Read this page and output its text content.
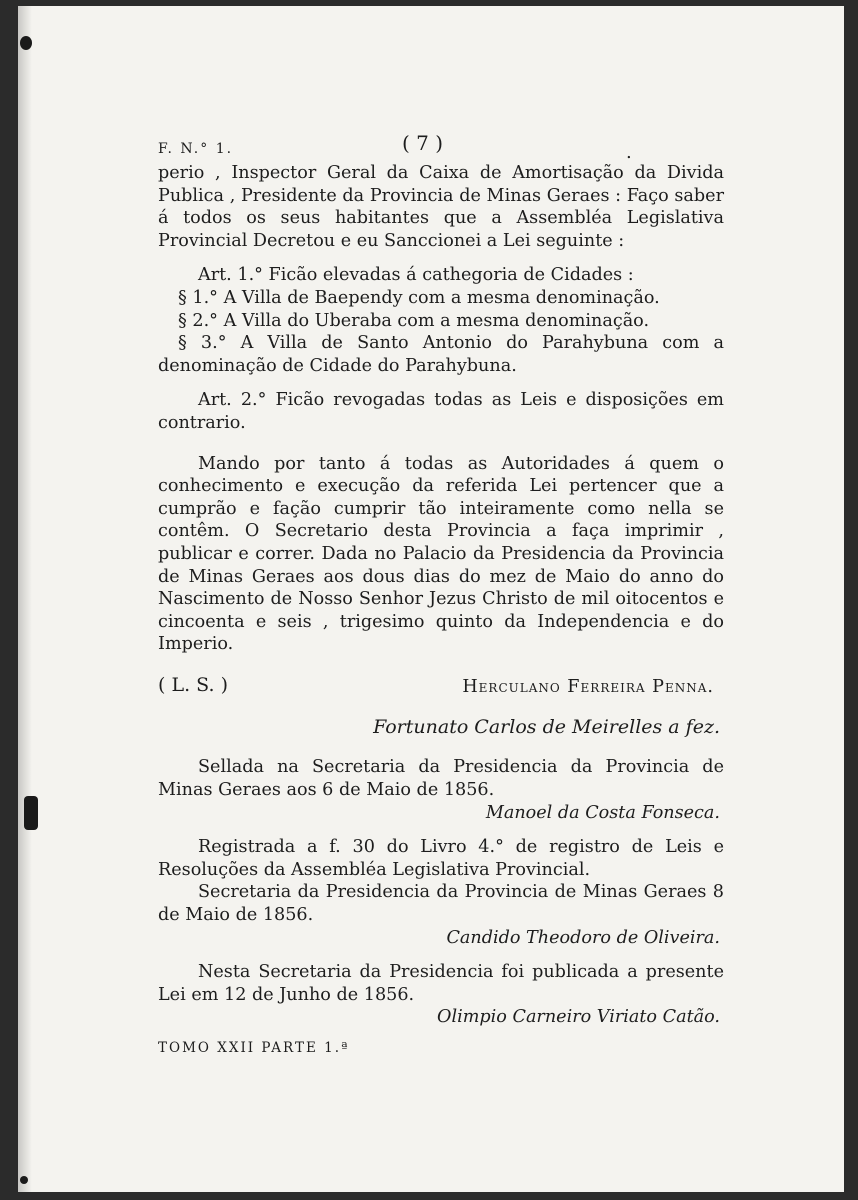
F. N.° 1.	( 7 )	.

perio , Inspector Geral da Caixa de Amortisação da Divida Publica , Presidente da Provincia de Minas Geraes : Faço saber á todos os seus habitantes que a Assembléa Legislativa Provincial Decretou e eu Sanccionei a Lei seguinte :

Art. 1.° Ficão elevadas á cathegoria de Cidades :

§ 1.° A Villa de Baependy com a mesma denominação.

§ 2.° A Villa do Uberaba com a mesma denominação.

§ 3.° A Villa de Santo Antonio do Parahybuna com a denominação de Cidade do Parahybuna.

Art. 2.° Ficão revogadas todas as Leis e disposições em contrario.

Mando por tanto á todas as Autoridades á quem o conhecimento e execução da referida Lei pertencer que a cumprão e fação cumprir tão inteiramente como nella se contêm. O Secretario desta Provincia a faça imprimir , publicar e correr. Dada no Palacio da Presidencia da Provincia de Minas Geraes aos dous dias do mez de Maio do anno do Nascimento de Nosso Senhor Jezus Christo de mil oitocentos e cincoenta e seis , trigesimo quinto da Independencia e do Imperio.

( L. S. )	Herculano Ferreira Penna.

Fortunato Carlos de Meirelles a fez.

Sellada na Secretaria da Presidencia da Provincia de Minas Geraes aos 6 de Maio de 1856.

Manoel da Costa Fonseca.

Registrada a f. 30 do Livro 4.° de registro de Leis e Resoluções da Assembléa Legislativa Provincial.

Secretaria da Presidencia da Provincia de Minas Geraes 8 de Maio de 1856.

Candido Theodoro de Oliveira.

Nesta Secretaria da Presidencia foi publicada a presente Lei em 12 de Junho de 1856.

Olimpio Carneiro Viriato Catão.

TOMO XXII PARTE 1.ª
